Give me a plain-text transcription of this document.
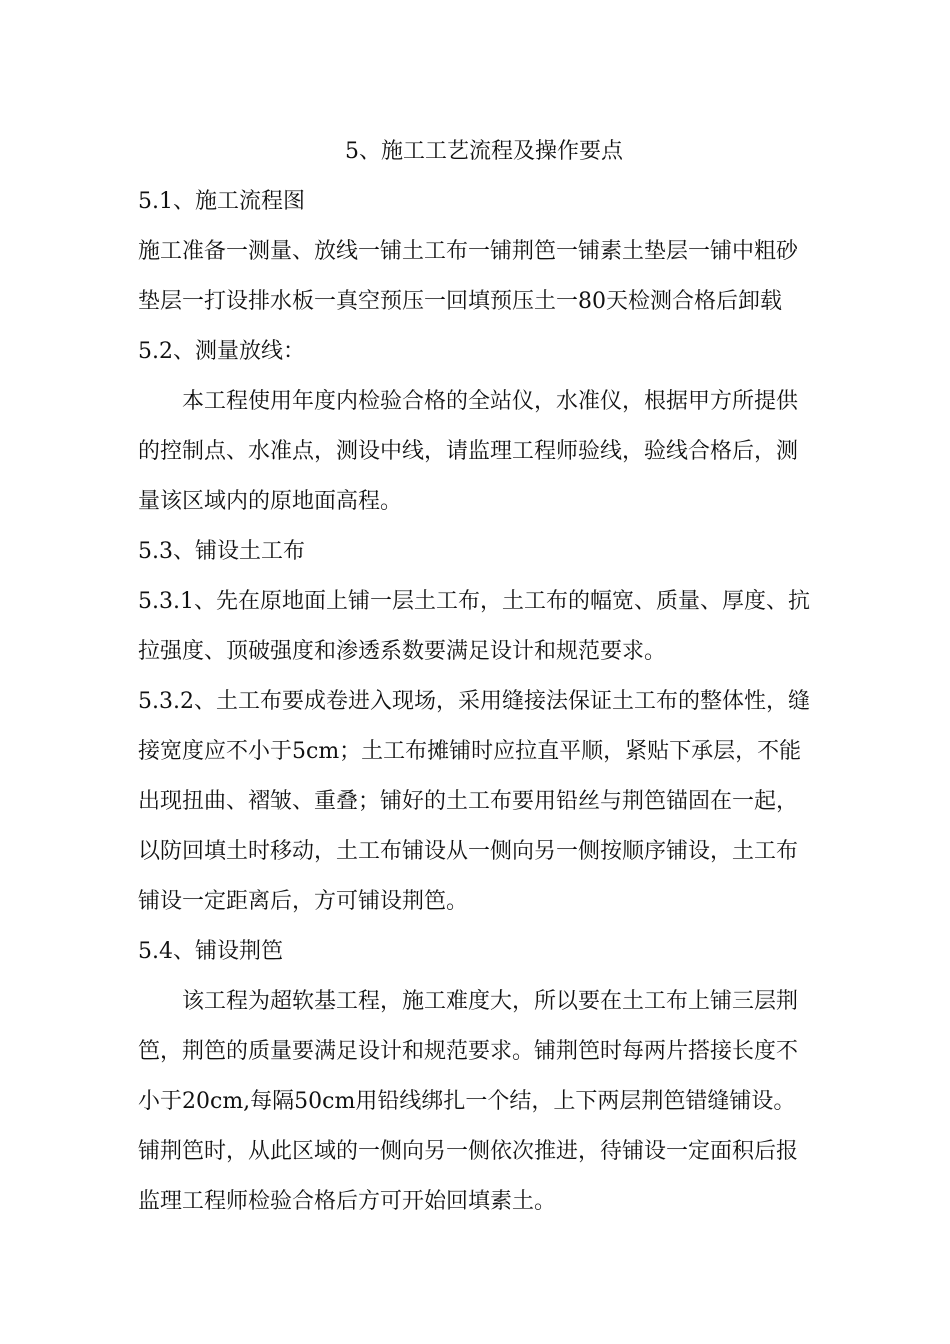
5、施工工艺流程及操作要点
5.1、施工流程图
施工准备一测量、放线一铺土工布一铺荆笆一铺素土垫层一铺中粗砂
垫层一打设排水板一真空预压一回填预压土一80天检测合格后卸载
5.2、测量放线：
本工程使用年度内检验合格的全站仪，水准仪，根据甲方所提供
的控制点、水准点，测设中线，请监理工程师验线，验线合格后，测
量该区域内的原地面高程。
5.3、铺设土工布
5.3.1、先在原地面上铺一层土工布，土工布的幅宽、质量、厚度、抗
拉强度、顶破强度和渗透系数要满足设计和规范要求。
5.3.2、土工布要成卷进入现场，采用缝接法保证土工布的整体性，缝
接宽度应不小于5cm；土工布摊铺时应拉直平顺，紧贴下承层，不能
出现扭曲、褶皱、重叠；铺好的土工布要用铅丝与荆笆锚固在一起，
以防回填土时移动，土工布铺设从一侧向另一侧按顺序铺设，土工布
铺设一定距离后，方可铺设荆笆。
5.4、铺设荆笆
该工程为超软基工程，施工难度大，所以要在土工布上铺三层荆
笆，荆笆的质量要满足设计和规范要求。铺荆笆时每两片搭接长度不
小于20cm,每隔50cm用铅线绑扎一个结，上下两层荆笆错缝铺设。
铺荆笆时，从此区域的一侧向另一侧依次推进，待铺设一定面积后报
监理工程师检验合格后方可开始回填素土。
